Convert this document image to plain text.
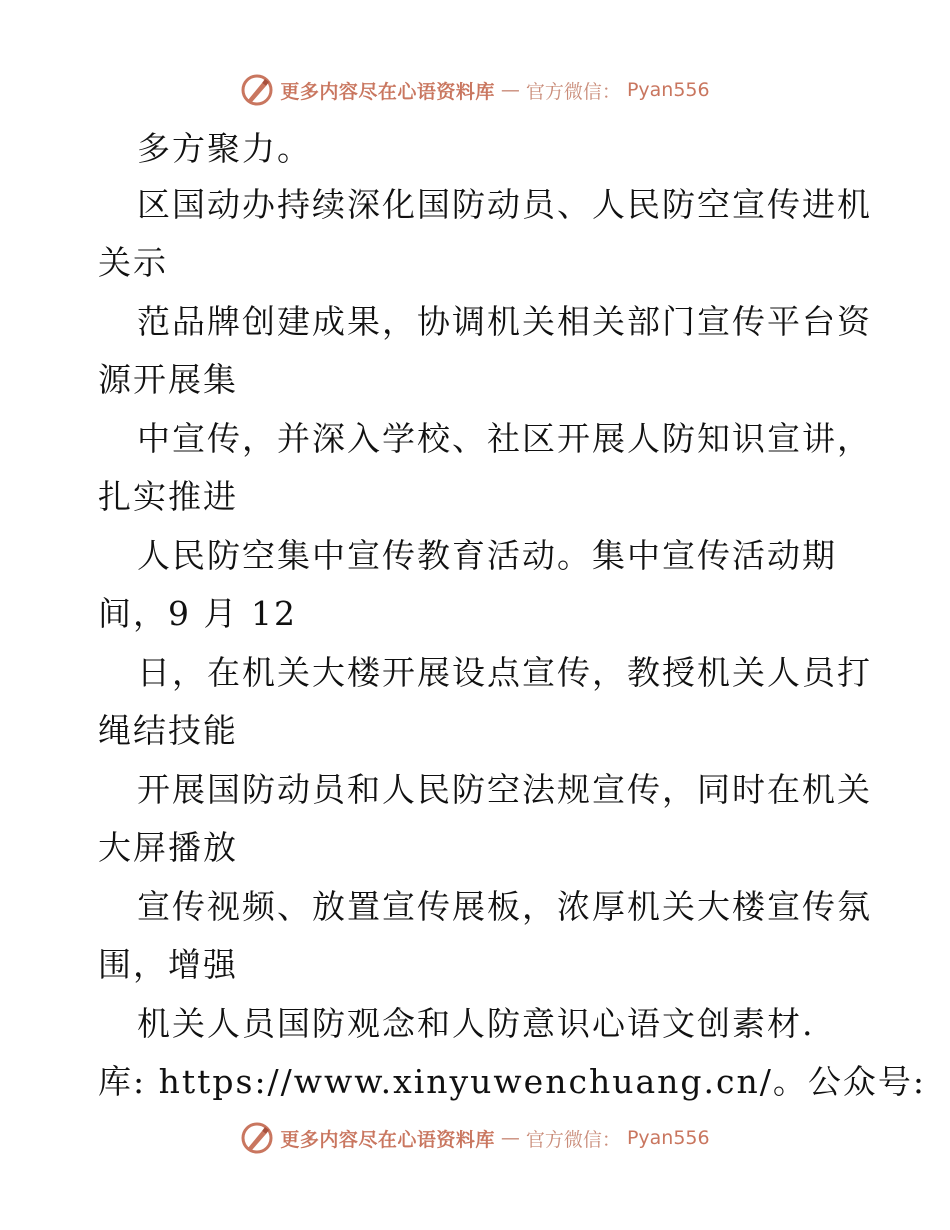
更多内容尽在心语资料库 — 官方微信： Pyan556
多方聚力。
区国动办持续深化国防动员、人民防空宣传进机
关示
范品牌创建成果，协调机关相关部门宣传平台资
源开展集
中宣传，并深入学校、社区开展人防知识宣讲，
扎实推进
人民防空集中宣传教育活动。集中宣传活动期
间，9 月 12
日，在机关大楼开展设点宣传，教授机关人员打
绳结技能
开展国防动员和人民防空法规宣传，同时在机关
大屏播放
宣传视频、放置宣传展板，浓厚机关大楼宣传氛
围，增强
机关人员国防观念和人防意识心语文创素材.
库: https://www.xinyuwenchuang.cn/。公众号:
更多内容尽在心语资料库 — 官方微信： Pyan556
